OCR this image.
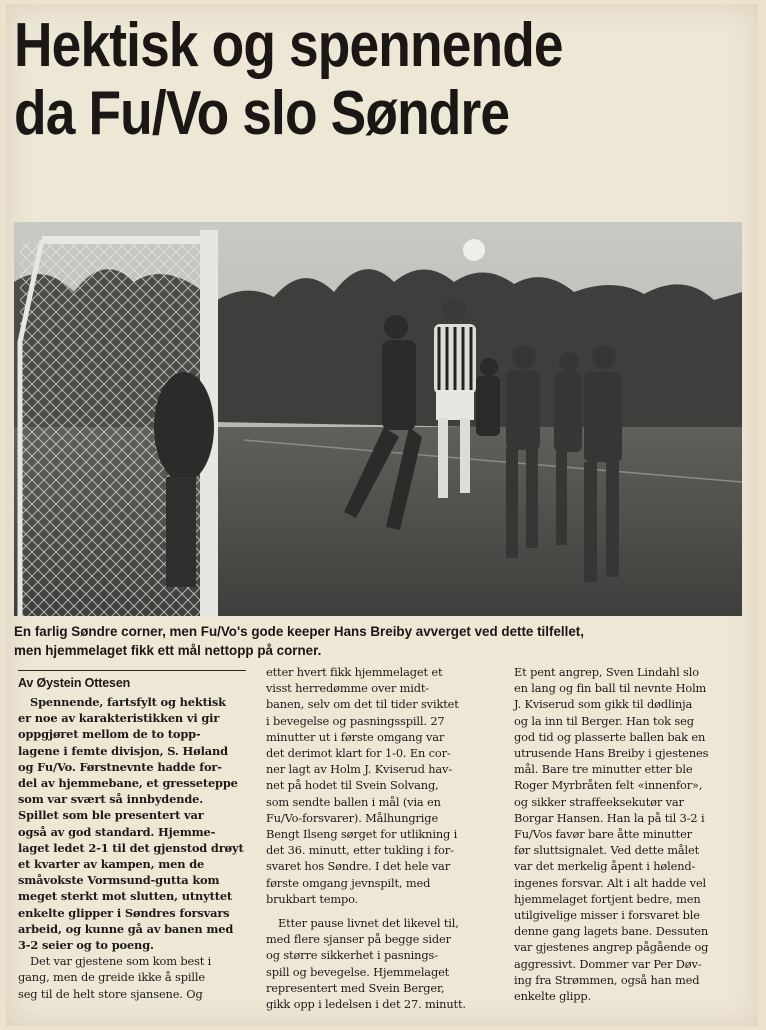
Hektisk og spennende
da Fu/Vo slo Søndre
En farlig Søndre corner, men Fu/Vo's gode keeper Hans Breiby avverget ved dette tilfellet,
men hjemmelaget fikk ett mål nettopp på corner.
Av Øystein Ottesen
Spennende, fartsfylt og hektisk
er noe av karakteristikken vi gir
oppgjøret mellom de to topp-
lagene i femte divisjon, S. Høland
og Fu/Vo. Førstnevnte hadde for-
del av hjemmebane, et gresseteppe
som var svært så innbydende.
Spillet som ble presentert var
også av god standard. Hjemme-
laget ledet 2-1 til det gjenstod drøyt
et kvarter av kampen, men de
småvokste Vormsund-gutta kom
meget sterkt mot slutten, utnyttet
enkelte glipper i Søndres forsvars
arbeid, og kunne gå av banen med
3-2 seier og to poeng.
Det var gjestene som kom best i
gang, men de greide ikke å spille
seg til de helt store sjansene. Og
etter hvert fikk hjemmelaget et
visst herredømme over midt-
banen, selv om det til tider sviktet
i bevegelse og pasningsspill. 27
minutter ut i første omgang var
det derimot klart for 1-0. En cor-
ner lagt av Holm J. Kviserud hav-
net på hodet til Svein Solvang,
som sendte ballen i mål (via en
Fu/Vo-forsvarer). Målhungrige
Bengt Ilseng sørget for utlikning i
det 36. minutt, etter tukling i for-
svaret hos Søndre. I det hele var
første omgang jevnspilt, med
brukbart tempo.
Etter pause livnet det likevel til,
med flere sjanser på begge sider
og større sikkerhet i pasnings-
spill og bevegelse. Hjemmelaget
representert med Svein Berger,
gikk opp i ledelsen i det 27. minutt.
Et pent angrep, Sven Lindahl slo
en lang og fin ball til nevnte Holm
J. Kviserud som gikk til dødlinja
og la inn til Berger. Han tok seg
god tid og plasserte ballen bak en
utrusende Hans Breiby i gjestenes
mål. Bare tre minutter etter ble
Roger Myrbråten felt «innenfor»,
og sikker straffeeksekutør var
Borgar Hansen. Han la på til 3-2 i
Fu/Vos favør bare åtte minutter
før sluttsignalet. Ved dette målet
var det merkelig åpent i hølend-
ingenes forsvar. Alt i alt hadde vel
hjemmelaget fortjent bedre, men
utilgivelige misser i forsvaret ble
denne gang lagets bane. Dessuten
var gjestenes angrep pågående og
aggressivt. Dommer var Per Døv-
ing fra Strømmen, også han med
enkelte glipp.
